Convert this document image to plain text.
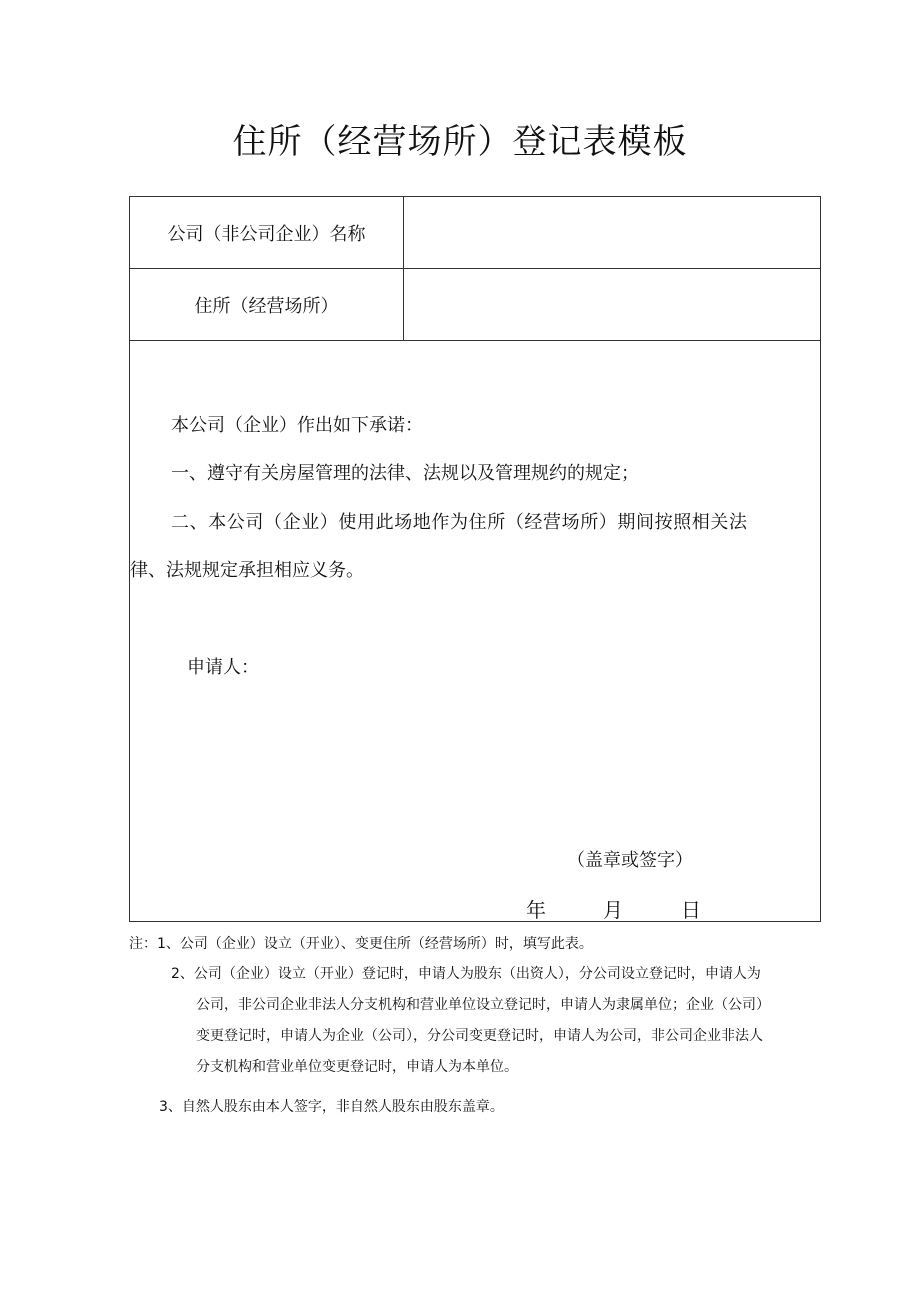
住所（经营场所）登记表模板
公司（非公司企业）名称
住所（经营场所）

本公司（企业）作出如下承诺：

一、遵守有关房屋管理的法律、法规以及管理规约的规定；

二、本公司（企业）使用此场地作为住所（经营场所）期间按照相关法

律、法规规定承担相应义务。

申请人：

（盖章或签字）

年	月	日

注：1、公司（企业）设立（开业）、变更住所（经营场所）时，填写此表。

2、公司（企业）设立（开业）登记时，申请人为股东（出资人），分公司设立登记时，申请人为

公司，非公司企业非法人分支机构和营业单位设立登记时，申请人为隶属单位；企业（公司）

变更登记时，申请人为企业（公司），分公司变更登记时，申请人为公司，非公司企业非法人

分支机构和营业单位变更登记时，申请人为本单位。

3、自然人股东由本人签字，非自然人股东由股东盖章。
